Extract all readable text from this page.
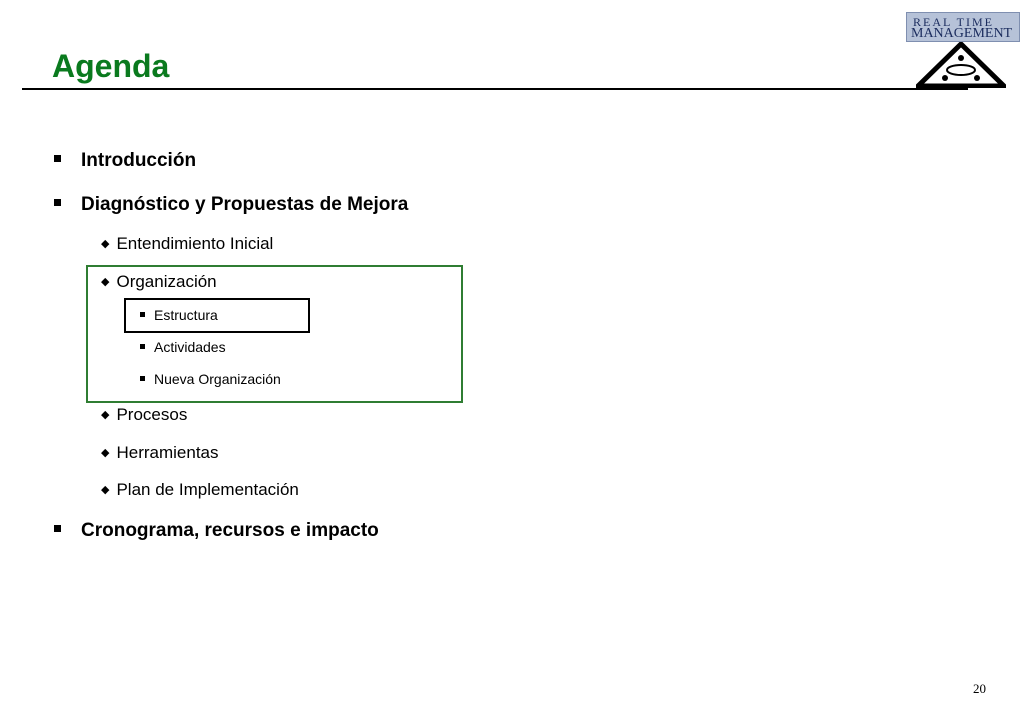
Agenda
REAL TIME
MANAGEMENT
Introducción
Diagnóstico y Propuestas de Mejora
◆ Entendimiento Inicial
◆ Organización
Estructura
Actividades
Nueva Organización
◆ Procesos
◆ Herramientas
◆ Plan de Implementación
Cronograma, recursos e impacto
20
